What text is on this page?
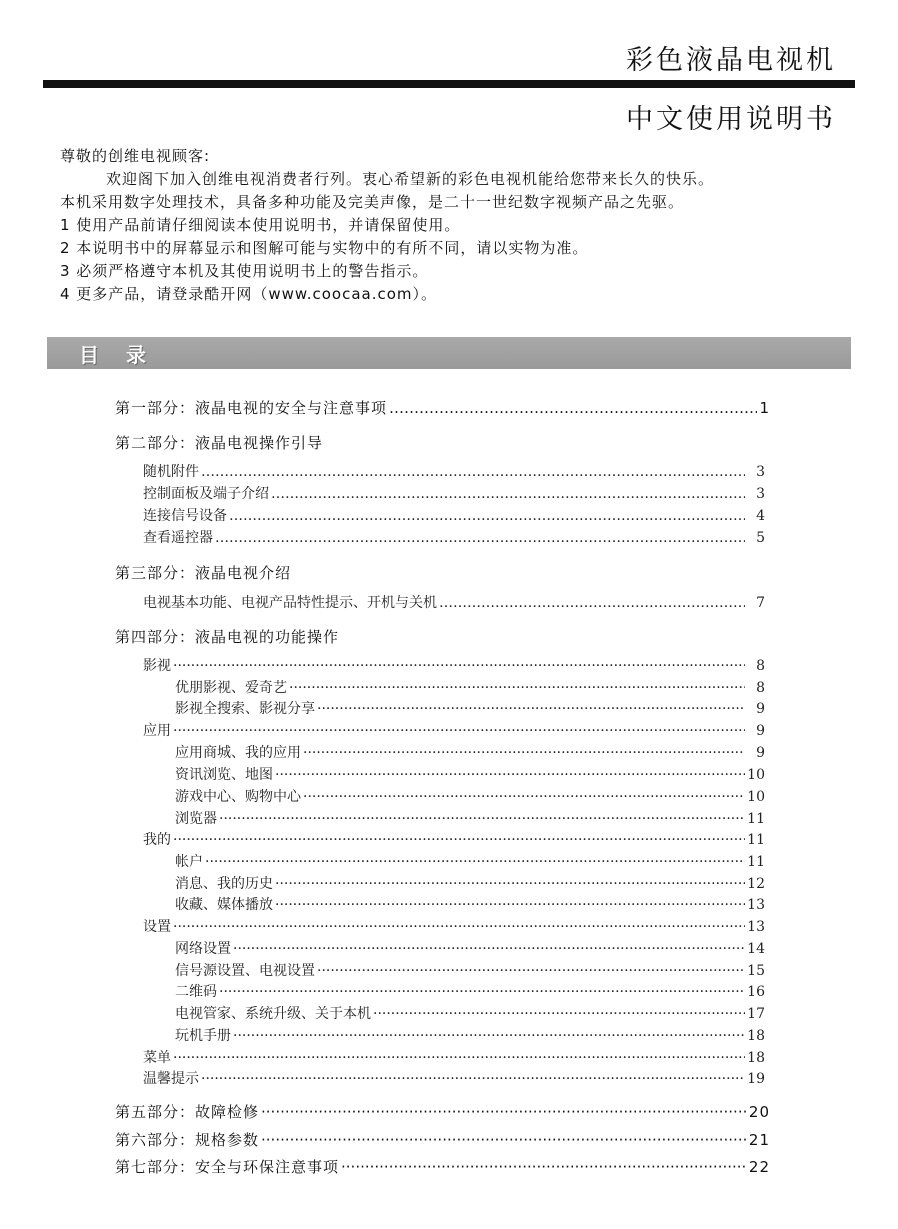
彩色液晶电视机
中文使用说明书
尊敬的创维电视顾客:
欢迎阁下加入创维电视消费者行列。衷心希望新的彩色电视机能给您带来长久的快乐。
本机采用数字处理技术，具备多种功能及完美声像，是二十一世纪数字视频产品之先驱。
1 使用产品前请仔细阅读本使用说明书，并请保留使用。
2 本说明书中的屏幕显示和图解可能与实物中的有所不同，请以实物为准。
3 必须严格遵守本机及其使用说明书上的警告指示。
4 更多产品，请登录酷开网（www.coocaa.com）。
目 录
第一部分：液晶电视的安全与注意事项 …………………………………………………………………………………………………………………………………………………………………………………………	1
第二部分：液晶电视操作引导
随机附件 …………………………………………………………………………………………………………………………………………………………………………………………	3
控制面板及端子介绍 …………………………………………………………………………………………………………………………………………………………………………………………	3
连接信号设备 …………………………………………………………………………………………………………………………………………………………………………………………	4
查看遥控器 …………………………………………………………………………………………………………………………………………………………………………………………	5
第三部分：液晶电视介绍
电视基本功能、电视产品特性提示、开机与关机 …………………………………………………………………………………………………………………………………………………………………………………………	7
第四部分：液晶电视的功能操作
影视 ·····	8
优朋影视、爱奇艺 ·····	8
影视全搜索、影视分享 ·····	9
应用 ·····	9
应用商城、我的应用 ·····	9
资讯浏览、地图 ·····	10
游戏中心、购物中心 ·····	10
浏览器 ·····	11
我的 ·····	11
帐户 ·····	11
消息、我的历史 ·····	12
收藏、媒体播放 ·····	13
设置 ·····	13
网络设置 ·····	14
信号源设置、电视设置 ·····	15
二维码 ·····	16
电视管家、系统升级、关于本机 ·····	17
玩机手册 ·····	18
菜单 ·····	18
温馨提示 ·····	19
第五部分：故障检修 ·····	20
第六部分：规格参数 ·····	21
第七部分：安全与环保注意事项 ·····	22
